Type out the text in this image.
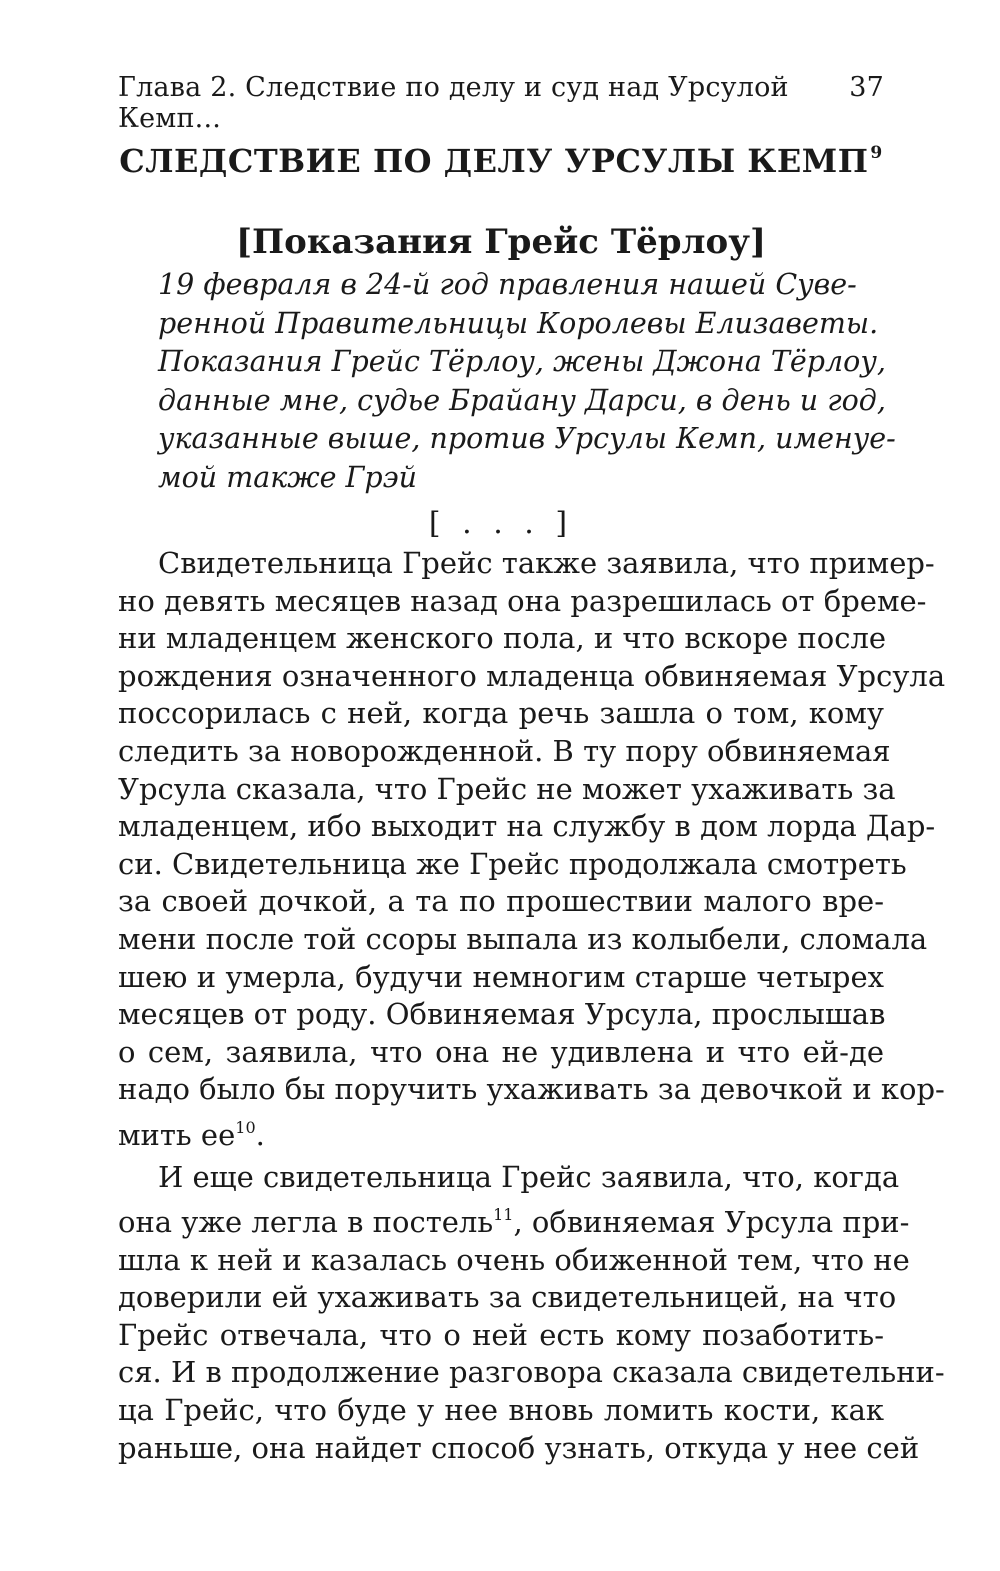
Глава 2. Следствие по делу и суд над Урсулой Кемп...
37
СЛЕДСТВИЕ ПО ДЕЛУ УРСУЛЫ КЕМП $^9$
[Показания Грейс Тёрлоу]
19 февраля в 24-й год правления нашей Суве-
ренной Правительницы Королевы Елизаветы.
Показания Грейс Тёрлоу, жены Джона Тёрлоу,
данные мне, судье Брайану Дарси, в день и год,
указанные выше, против Урсулы Кемп, именуе-
мой также Грэй
[ . . . ]
Свидетельница Грейс также заявила, что пример-
но девять месяцев назад она разрешилась от бреме-
ни младенцем женского пола, и что вскоре после
рождения означенного младенца обвиняемая Урсула
поссорилась с ней, когда речь зашла о том, кому
следить за новорожденной. В ту пору обвиняемая
Урсула сказала, что Грейс не может ухаживать за
младенцем, ибо выходит на службу в дом лорда Дар-
си. Свидетельница же Грейс продолжала смотреть
за своей дочкой, а та по прошествии малого вре-
мени после той ссоры выпала из колыбели, сломала
шею и умерла, будучи немногим старше четырех
месяцев от роду. Обвиняемая Урсула, прослышав
о сем, заявила, что она не удивлена и что ей-де
надо было бы поручить ухаживать за девочкой и кор-
мить ее$^{10}$.
И еще свидетельница Грейс заявила, что, когда
она уже легла в постель$^{11}$, обвиняемая Урсула при-
шла к ней и казалась очень обиженной тем, что не
доверили ей ухаживать за свидетельницей, на что
Грейс отвечала, что о ней есть кому позаботить-
ся. И в продолжение разговора сказала свидетельни-
ца Грейс, что буде у нее вновь ломить кости, как
раньше, она найдет способ узнать, откуда у нее сей
